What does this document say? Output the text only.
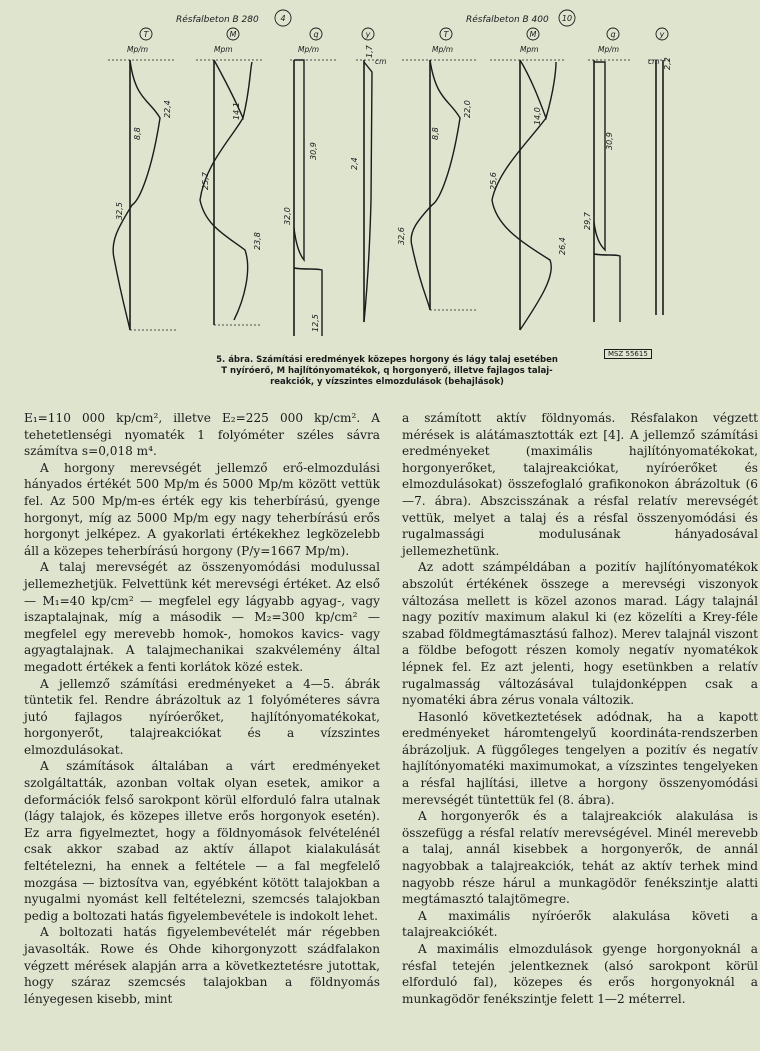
Résfalbeton B 280	4	Résfalbeton B 400 10
T	M	q	y	T	M	q	y
Mp/m	Mpm	Mp/m
cm
Mp/m	Mpm	Mp/m
cm
8,8
22,4
32,5
14,1
25,7
23,8
30,9
32,0
12,5
1,7
2,4
8,8
22,0
32,6
14,0
25,6
26,4
30,9
29,7
2,2
MSZ 55615
5. ábra. Számítási eredmények közepes horgony és lágy talaj esetében
T nyíróerő, M hajlítónyomatékok, q horgonyerő, illetve fajlagos talaj-
reakciók, y vízszintes elmozdulások (behajlások)

E₁=110 000 kp/cm², illetve E₂=225 000 kp/cm². A tehetetlenségi nyomaték 1 folyóméter széles sávra számítva s=0,018 m⁴.

A horgony merevségét jellemző erő-elmozdulási hányados értékét 500 Mp/m és 5000 Mp/m között vettük fel. Az 500 Mp/m-es érték egy kis teherbírású, gyenge horgonyt, míg az 5000 Mp/m egy nagy teherbírású erős horgonyt jelképez. A gyakorlati értékekhez legközelebb áll a közepes teherbírású horgony (P/y=1667 Mp/m).

A talaj merevségét az összenyomódási modulussal jellemezhetjük. Felvettünk két merevségi értéket. Az első — M₁=40 kp/cm² — megfelel egy lágyabb agyag-, vagy iszaptalajnak, míg a második — M₂=300 kp/cm² — megfelel egy merevebb homok-, homokos kavics- vagy agyagtalajnak. A talajmechanikai szakvélemény által megadott értékek a fenti korlátok közé estek.

A jellemző számítási eredményeket a 4—5. ábrák tüntetik fel. Rendre ábrázoltuk az 1 folyóméteres sávra jutó fajlagos nyíróerőket, hajlítónyomatékokat, horgonyerőt, talajreakciókat és a vízszintes elmozdulásokat.

A számítások általában a várt eredményeket szolgáltatták, azonban voltak olyan esetek, amikor a deformációk felső sarokpont körül elforduló falra utalnak (lágy talajok, és közepes illetve erős horgonyok esetén). Ez arra figyelmeztet, hogy a földnyomások felvételénél csak akkor szabad az aktív állapot kialakulását feltételezni, ha ennek a feltétele — a fal megfelelő mozgása — biztosítva van, egyébként kötött talajokban a nyugalmi nyomást kell feltételezni, szemcsés talajokban pedig a boltozati hatás figyelembevétele is indokolt lehet.

A boltozati hatás figyelembevételét már régebben javasolták. Rowe és Ohde kihorgonyzott szádfalakon végzett mérések alapján arra a következtetésre jutottak, hogy száraz szemcsés talajokban a földnyomás lényegesen kisebb, mint

a számított aktív földnyomás. Résfalakon végzett mérések is alátámasztották ezt [4]. A jellemző számítási eredményeket (maximális hajlítónyomatékokat, horgonyerőket, talajreakciókat, nyíróerőket és elmozdulásokat) összefoglaló grafikonokon ábrázoltuk (6—7. ábra). Abszcisszának a résfal relatív merevségét vettük, melyet a talaj és a résfal összenyomódási és rugalmassági modulusának hányadosával jellemezhetünk.

Az adott számpéldában a pozitív hajlítónyomatékok abszolút értékének összege a merevségi viszonyok változása mellett is közel azonos marad. Lágy talajnál nagy pozitív maximum alakul ki (ez közelíti a Krey-féle szabad földmegtámasztású falhoz). Merev talajnál viszont a földbe befogott részen komoly negatív nyomatékok lépnek fel. Ez azt jelenti, hogy esetünkben a relatív rugalmasság változásával tulajdonképpen csak a nyomatéki ábra zérus vonala változik.

Hasonló következtetések adódnak, ha a kapott eredményeket háromtengelyű koordináta-rendszerben ábrázoljuk. A függőleges tengelyen a pozitív és negatív hajlítónyomatéki maximumokat, a vízszintes tengelyeken a résfal hajlítási, illetve a horgony összenyomódási merevségét tüntettük fel (8. ábra).

A horgonyerők és a talajreakciók alakulása is összefügg a résfal relatív merevségével. Minél merevebb a talaj, annál kisebbek a horgonyerők, de annál nagyobbak a talajreakciók, tehát az aktív terhek mind nagyobb része hárul a munkagödör fenékszintje alatti megtámasztó talajtömegre.

A maximális nyíróerők alakulása követi a talajreakciókét.

A maximális elmozdulások gyenge horgonyoknál a résfal tetején jelentkeznek (alsó sarokpont körül elforduló fal), közepes és erős horgonyoknál a munkagödör fenékszintje felett 1—2 méterrel.
